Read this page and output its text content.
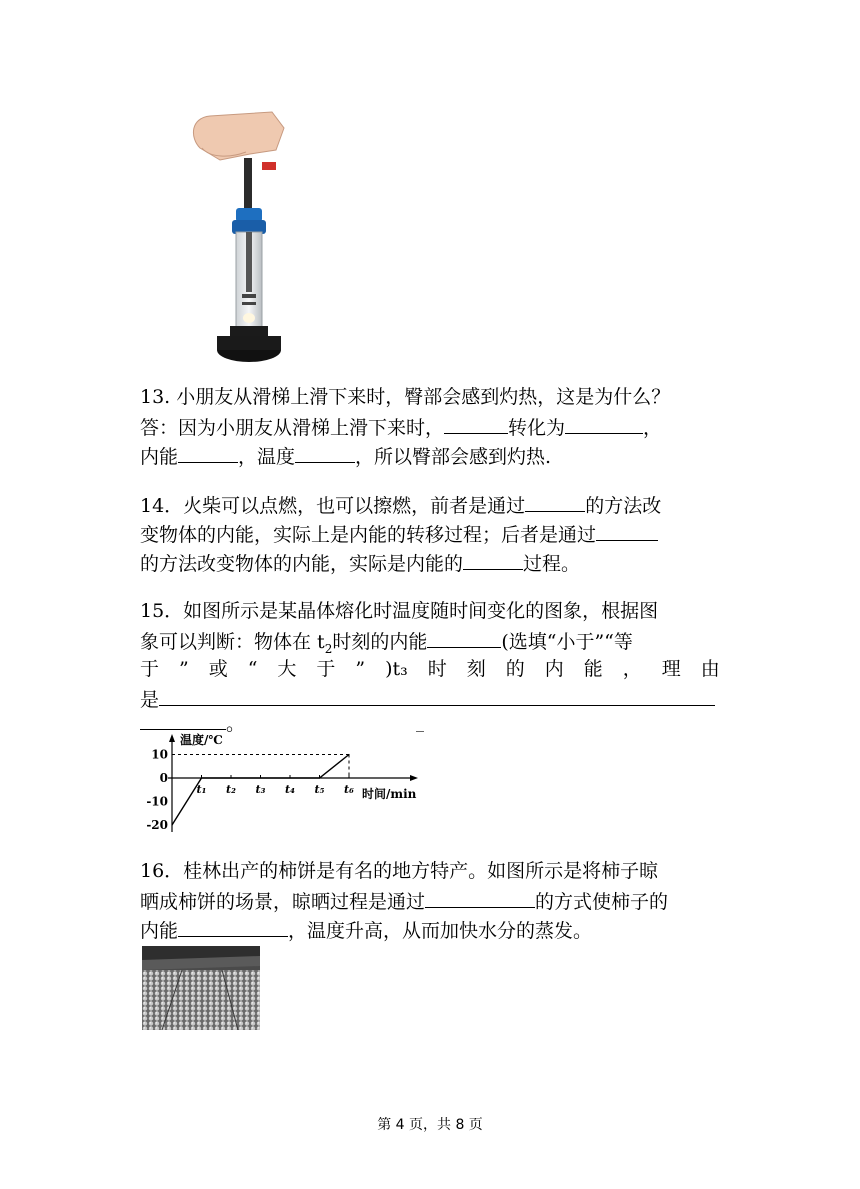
13. 小朋友从滑梯上滑下来时，臀部会感到灼热，这是为什么？
答：因为小朋友从滑梯上滑下来时，	转化为	，
内能	，温度	，所以臀部会感到灼热.
14．火柴可以点燃，也可以擦燃，前者是通过	的方法改
变物体的内能，实际上是内能的转移过程；后者是通过
的方法改变物体的内能，实际是内能的	过程。
15．如图所示是某晶体熔化时温度随时间变化的图象，根据图
象可以判断：物体在 $t_2$时刻的内能	(选填“小于”“等
于 ” 或 “ 大 于 ” )t₃ 时 刻 的 内 能 ， 理 由
是
。
温度/℃
时间/min
10
0
-10
-20
t₁ t₂ t₃ t₄ t₅ t₆
16．桂林出产的柿饼是有名的地方特产。如图所示是将柿子晾
晒成柿饼的场景，晾晒过程是通过	的方式使柿子的
内能	，温度升高，从而加快水分的蒸发。
第 4 页，共 8 页
